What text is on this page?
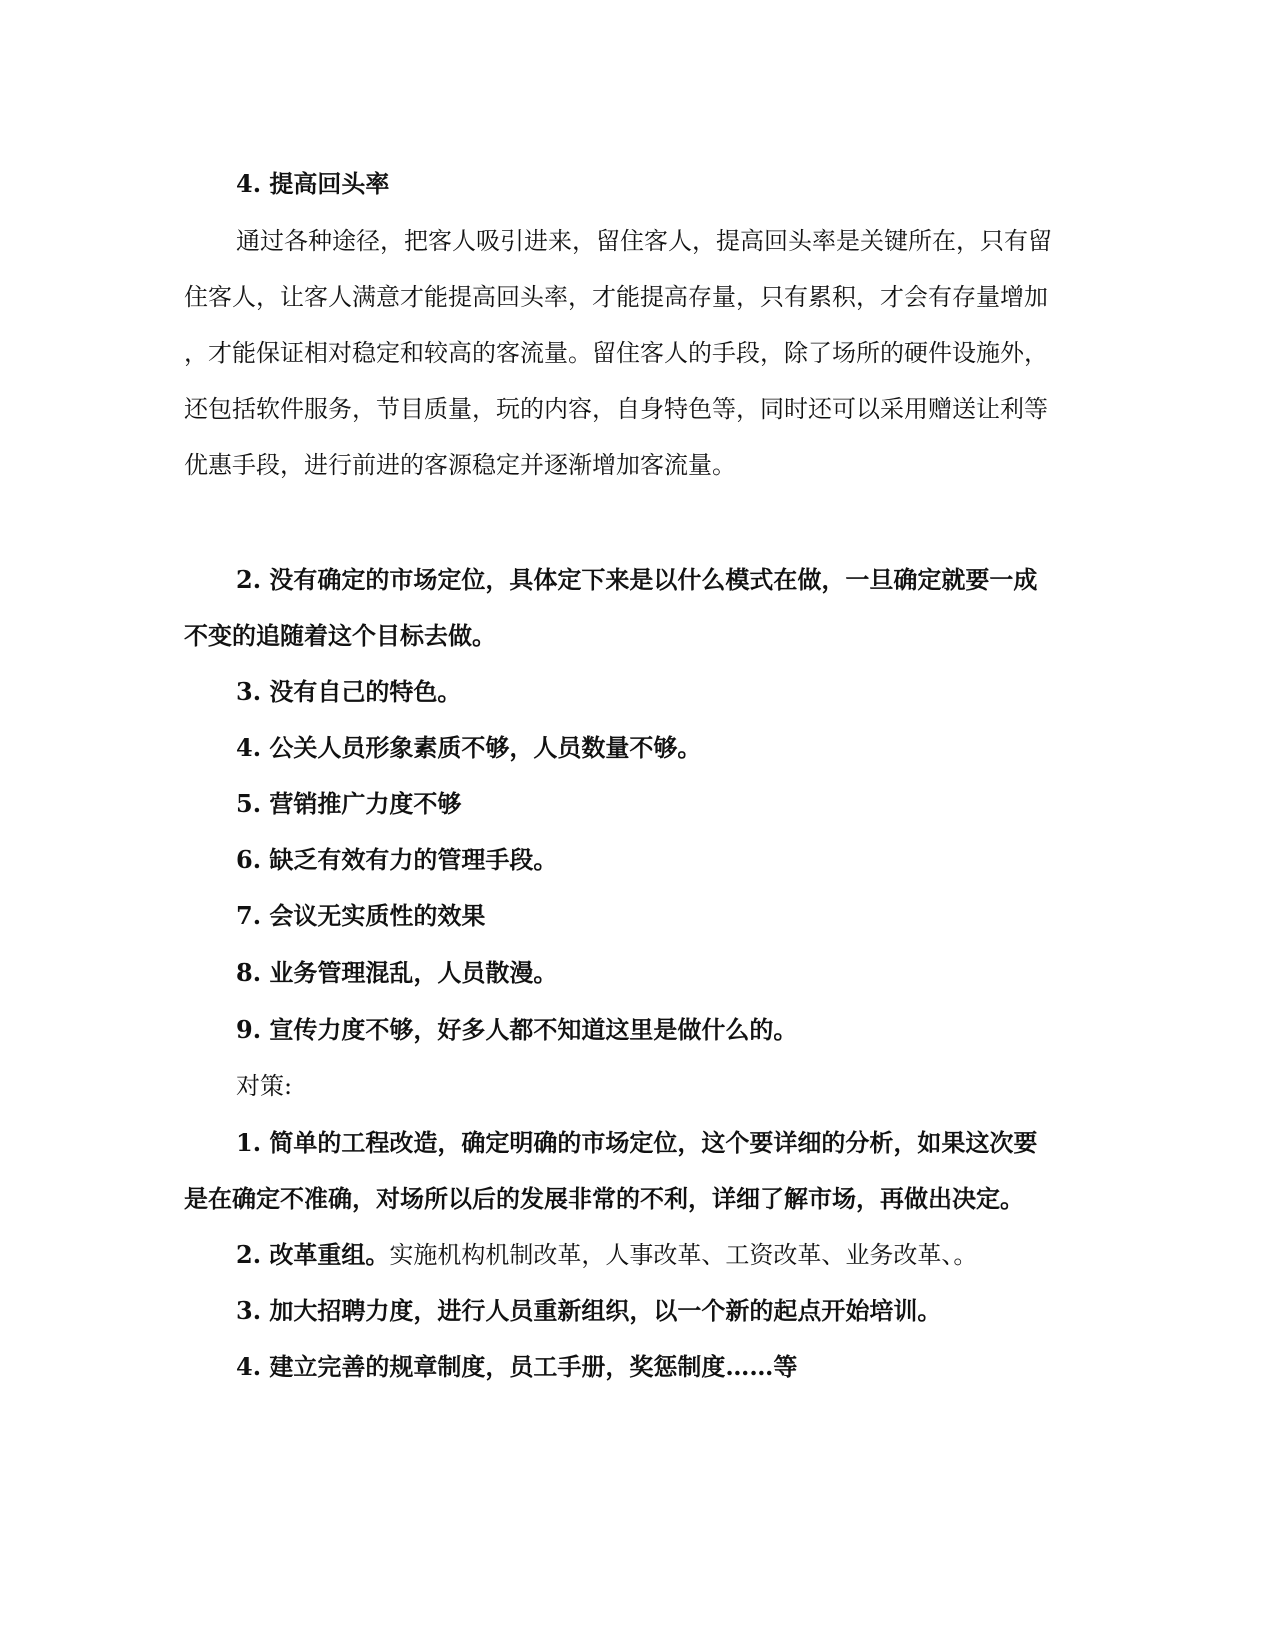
4. 提高回头率
通过各种途径，把客人吸引进来，留住客人，提高回头率是关键所在，只有留
住客人，让客人满意才能提高回头率，才能提高存量，只有累积，才会有存量增加
，才能保证相对稳定和较高的客流量。留住客人的手段，除了场所的硬件设施外，
还包括软件服务，节目质量，玩的内容，自身特色等，同时还可以采用赠送让利等
优惠手段，进行前进的客源稳定并逐渐增加客流量。
2. 没有确定的市场定位，具体定下来是以什么模式在做，一旦确定就要一成
不变的追随着这个目标去做。
3. 没有自己的特色。
4. 公关人员形象素质不够，人员数量不够。
5. 营销推广力度不够
6. 缺乏有效有力的管理手段。
7. 会议无实质性的效果
8. 业务管理混乱，人员散漫。
9. 宣传力度不够，好多人都不知道这里是做什么的。
对策:
1. 简单的工程改造，确定明确的市场定位，这个要详细的分析，如果这次要
是在确定不准确，对场所以后的发展非常的不利，详细了解市场，再做出决定。
2. 改革重组。实施机构机制改革，人事改革、工资改革、业务改革、。
3. 加大招聘力度，进行人员重新组织，以一个新的起点开始培训。
4. 建立完善的规章制度，员工手册，奖惩制度……等
